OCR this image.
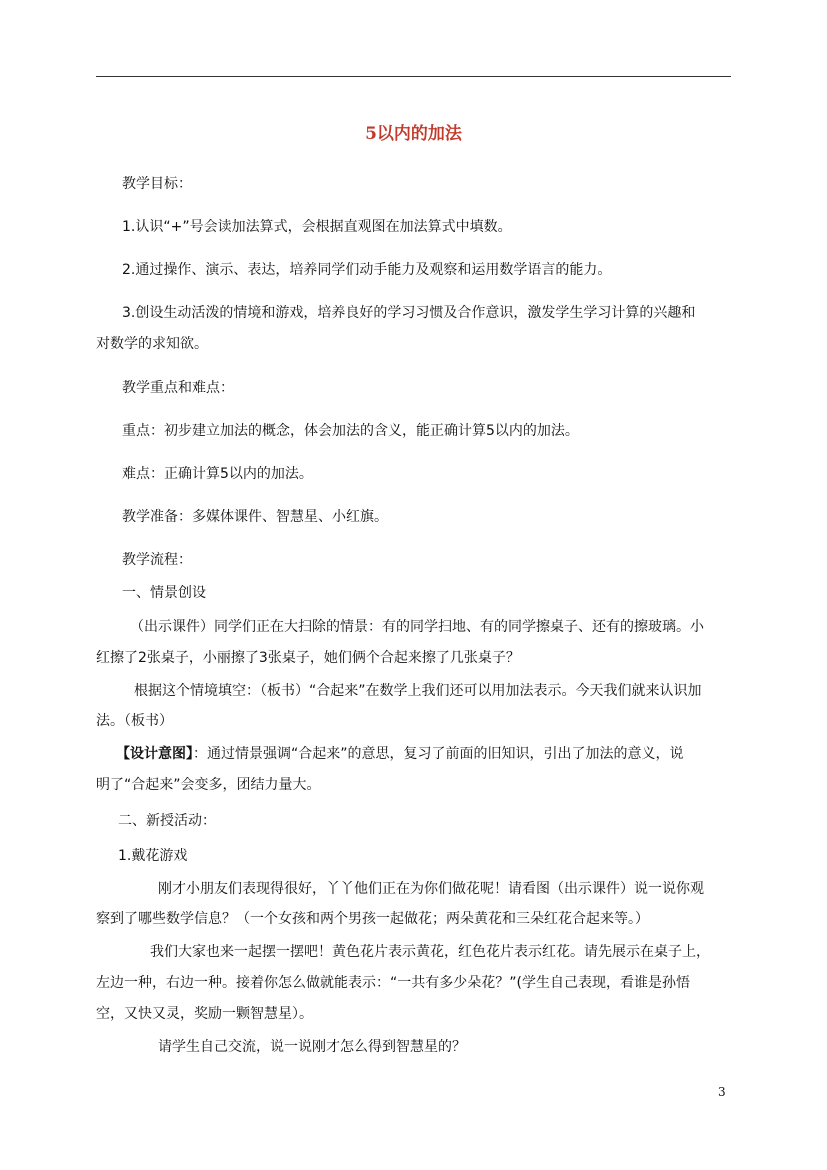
5以内的加法
教学目标：
1.认识“+”号会读加法算式，会根据直观图在加法算式中填数。
2.通过操作、演示、表达，培养同学们动手能力及观察和运用数学语言的能力。
3.创设生动活泼的情境和游戏，培养良好的学习习惯及合作意识，激发学生学习计算的兴趣和
对数学的求知欲。
教学重点和难点：
重点：初步建立加法的概念，体会加法的含义，能正确计算5以内的加法。
难点：正确计算5以内的加法。
教学准备：多媒体课件、智慧星、小红旗。
教学流程：
一、情景创设
（出示课件）同学们正在大扫除的情景：有的同学扫地、有的同学擦桌子、还有的擦玻璃。小
红擦了2张桌子，小丽擦了3张桌子，她们俩个合起来擦了几张桌子？
根据这个情境填空：（板书）“合起来”在数学上我们还可以用加法表示。今天我们就来认识加
法。（板书）
【设计意图】：通过情景强调“合起来”的意思，复习了前面的旧知识，引出了加法的意义，说
明了“合起来”会变多，团结力量大。
二、新授活动：
1.戴花游戏
刚才小朋友们表现得很好，丫丫他们正在为你们做花呢！请看图（出示课件）说一说你观
察到了哪些数学信息？（一个女孩和两个男孩一起做花；两朵黄花和三朵红花合起来等。）
我们大家也来一起摆一摆吧！黄色花片表示黄花，红色花片表示红花。请先展示在桌子上，
左边一种，右边一种。接着你怎么做就能表示：“一共有多少朵花？”(学生自己表现，看谁是孙悟
空，又快又灵，奖励一颗智慧星）。
请学生自己交流，说一说刚才怎么得到智慧星的？
3
